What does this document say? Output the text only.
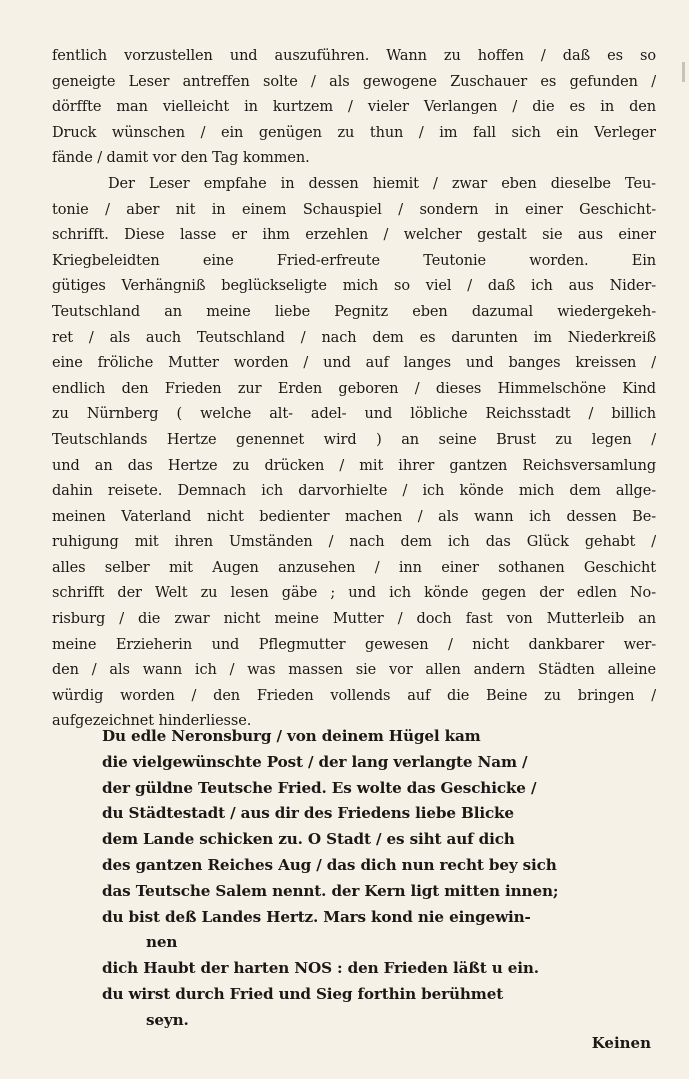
fentlich vorzustellen und auszuführen. Wann zu hoffen / daß es so
geneigte Leser antreffen solte / als gewogene Zuschauer es gefunden /
dörffte man vielleicht in kurtzem / vieler Verlangen / die es in den
Druck wünschen / ein genügen zu thun / im fall sich ein Verleger
fände / damit vor den Tag kommen.
Der Leser empfahe in dessen hiemit / zwar eben dieselbe Teu-
tonie / aber nit in einem Schauspiel / sondern in einer Geschicht-
schrifft. Diese lasse er ihm erzehlen / welcher gestalt sie aus einer
Kriegbeleidten eine Fried-erfreute Teutonie worden. Ein
gütiges Verhängniß beglückseligte mich so viel / daß ich aus Nider-
Teutschland an meine liebe Pegnitz eben dazumal wiedergekeh-
ret / als auch Teutschland / nach dem es darunten im Niederkreiß
eine fröliche Mutter worden / und auf langes und banges kreissen /
endlich den Frieden zur Erden geboren / dieses Himmelschöne Kind
zu Nürnberg ( welche alt- adel- und löbliche Reichsstadt / billich
Teutschlands Hertze genennet wird ) an seine Brust zu legen /
und an das Hertze zu drücken / mit ihrer gantzen Reichsversamlung
dahin reisete. Demnach ich darvorhielte / ich könde mich dem allge-
meinen Vaterland nicht bedienter machen / als wann ich dessen Be-
ruhigung mit ihren Umständen / nach dem ich das Glück gehabt /
alles selber mit Augen anzusehen / inn einer sothanen Geschicht
schrifft der Welt zu lesen gäbe ; und ich könde gegen der edlen No-
risburg / die zwar nicht meine Mutter / doch fast von Mutterleib an
meine Erzieherin und Pflegmutter gewesen / nicht dankbarer wer-
den / als wann ich / was massen sie vor allen andern Städten alleine
würdig worden / den Frieden vollends auf die Beine zu bringen /
aufgezeichnet hinderliesse.
Du edle Neronsburg / von deinem Hügel kam
die vielgewünschte Post / der lang verlangte Nam /
der güldne Teutsche Fried. Es wolte das Geschicke /
du Städtestadt / aus dir des Friedens liebe Blicke
dem Lande schicken zu. O Stadt / es siht auf dich
des gantzen Reiches Aug / das dich nun recht bey sich
das Teutsche Salem nennt. der Kern ligt mitten innen;
du bist deß Landes Hertz. Mars kond nie eingewin-
nen
dich Haubt der harten NOS : den Frieden läßt u ein.
du wirst durch Fried und Sieg forthin berühmet
seyn.
Keinen
